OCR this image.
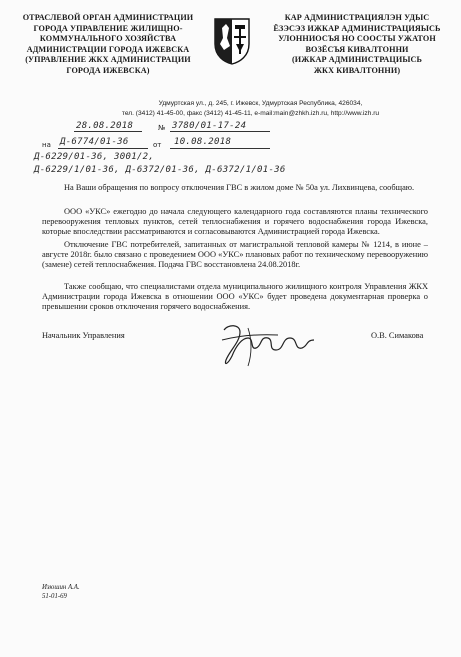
ОТРАСЛЕВОЙ ОРГАН АДМИНИСТРАЦИИ
ГОРОДА УПРАВЛЕНИЕ ЖИЛИЩНО-
КОММУНАЛЬНОГО ХОЗЯЙСТВА
АДМИНИСТРАЦИИ ГОРОДА ИЖЕВСКА
(УПРАВЛЕНИЕ ЖКХ АДМИНИСТРАЦИИ
ГОРОДА ИЖЕВСКА)
КАР АДМИНИСТРАЦИЯЛЭН УДЫС
ЁЗЭСЭЗ ИЖКАР АДМИНИСТРАЦИЯЫСЬ
УЛОННИОСЪЯ НО СООСТЫ УЖАТОН
ВОЗЁСЪЯ КИВАЛТОННИ
(ИЖКАР АДМИНИСТРАЦИЫСЬ
ЖКХ КИВАЛТОННИ)
Удмуртская ул., д. 245, г. Ижевск, Удмуртская Республика, 426034,
тел. (3412) 41-45-00, факс (3412) 41-45-11, e-mail:main@zhkh.izh.ru, http://www.izh.ru
28.08.2018	№ 3780/01-17-24
на Д-6774/01-36	от 10.08.2018
Д-6229/01-36, 3001/2,
Д-6229/1/01-36, Д-6372/01-36, Д-6372/1/01-36
На Ваши обращения по вопросу отключения ГВС в жилом доме № 50а ул. Лихвинцева, сообщаю.
ООО «УКС» ежегодно до начала следующего календарного года составляются планы технического перевооружения тепловых пунктов, сетей теплоснабжения и горячего водоснабжения города Ижевска, которые впоследствии рассматриваются и согласовываются Администрацией города Ижевска.
Отключение ГВС потребителей, запитанных от магистральной тепловой камеры № 1214, в июне – августе 2018г. было связано с проведением ООО «УКС» плановых работ по техническому перевооружению (замене) сетей теплоснабжения. Подача ГВС восстановлена 24.08.2018г.
Также сообщаю, что специалистами отдела муниципального жилищного контроля Управления ЖКХ Администрации города Ижевска в отношении ООО «УКС» будет проведена документарная проверка о превышении сроков отключения горячего водоснабжения.
Начальник Управления	О.В. Симакова
Изюшин А.А.
51-01-69
